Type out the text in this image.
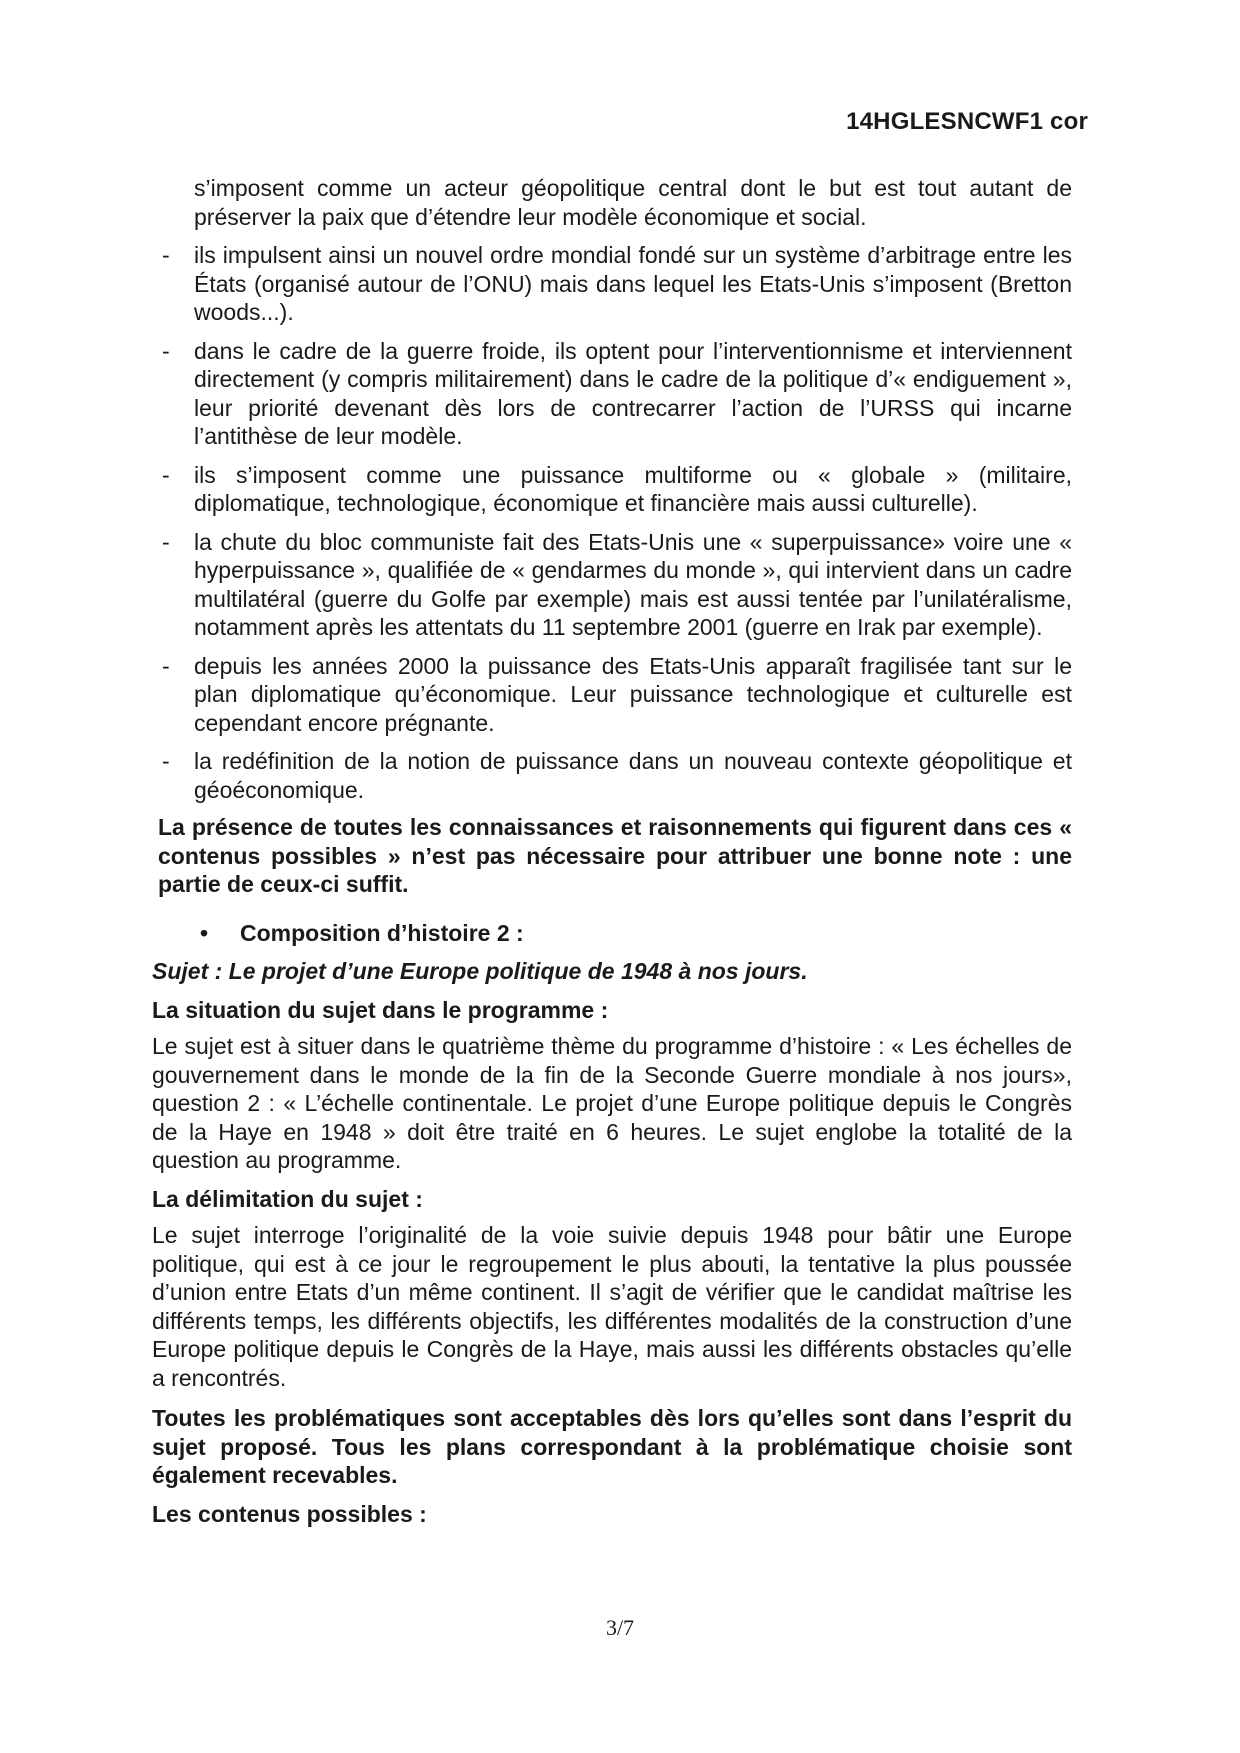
14HGLESNCWF1 cor

s’imposent comme un acteur géopolitique central dont le but est tout autant de préserver la paix que d’étendre leur modèle économique et social.

- ils impulsent ainsi un nouvel ordre mondial fondé sur un système d’arbitrage entre les États (organisé autour de l’ONU) mais dans lequel les Etats-Unis s’imposent (Bretton woods...).
- dans le cadre de la guerre froide, ils optent pour l’interventionnisme et interviennent directement (y compris militairement) dans le cadre de la politique d’« endiguement », leur priorité devenant dès lors de contrecarrer l’action de l’URSS qui incarne l’antithèse de leur modèle.
- ils s’imposent comme une puissance multiforme ou « globale » (militaire, diplomatique, technologique, économique et financière mais aussi culturelle).
- la chute du bloc communiste fait des Etats-Unis une « superpuissance» voire une « hyperpuissance », qualifiée de « gendarmes du monde », qui intervient dans un cadre multilatéral (guerre du Golfe par exemple) mais est aussi tentée par l’unilatéralisme, notamment après les attentats du 11 septembre 2001 (guerre en Irak par exemple).
- depuis les années 2000 la puissance des Etats-Unis apparaît fragilisée tant sur le plan diplomatique qu’économique. Leur puissance technologique et culturelle est cependant encore prégnante.
- la redéfinition de la notion de puissance dans un nouveau contexte géopolitique et géoéconomique.

La présence de toutes les connaissances et raisonnements qui figurent dans ces « contenus possibles » n’est pas nécessaire pour attribuer une bonne note : une partie de ceux-ci suffit.

• Composition d’histoire 2 :

Sujet : Le projet d’une Europe politique de 1948 à nos jours.

La situation du sujet dans le programme :

Le sujet est à situer dans le quatrième thème du programme d’histoire : « Les échelles de gouvernement dans le monde de la fin de la Seconde Guerre mondiale à nos jours», question 2 : « L’échelle continentale. Le projet d’une Europe politique depuis le Congrès de la Haye en 1948 » doit être traité en 6 heures. Le sujet englobe la totalité de la question au programme.

La délimitation du sujet :

Le sujet interroge l’originalité de la voie suivie depuis 1948 pour bâtir une Europe politique, qui est à ce jour le regroupement le plus abouti, la tentative la plus poussée d’union entre Etats d’un même continent. Il s’agit de vérifier que le candidat maîtrise les différents temps, les différents objectifs, les différentes modalités de la construction d’une Europe politique depuis le Congrès de la Haye, mais aussi les différents obstacles qu’elle a rencontrés.

Toutes les problématiques sont acceptables dès lors qu’elles sont dans l’esprit du sujet proposé. Tous les plans correspondant à la problématique choisie sont également recevables.

Les contenus possibles :

3/7
